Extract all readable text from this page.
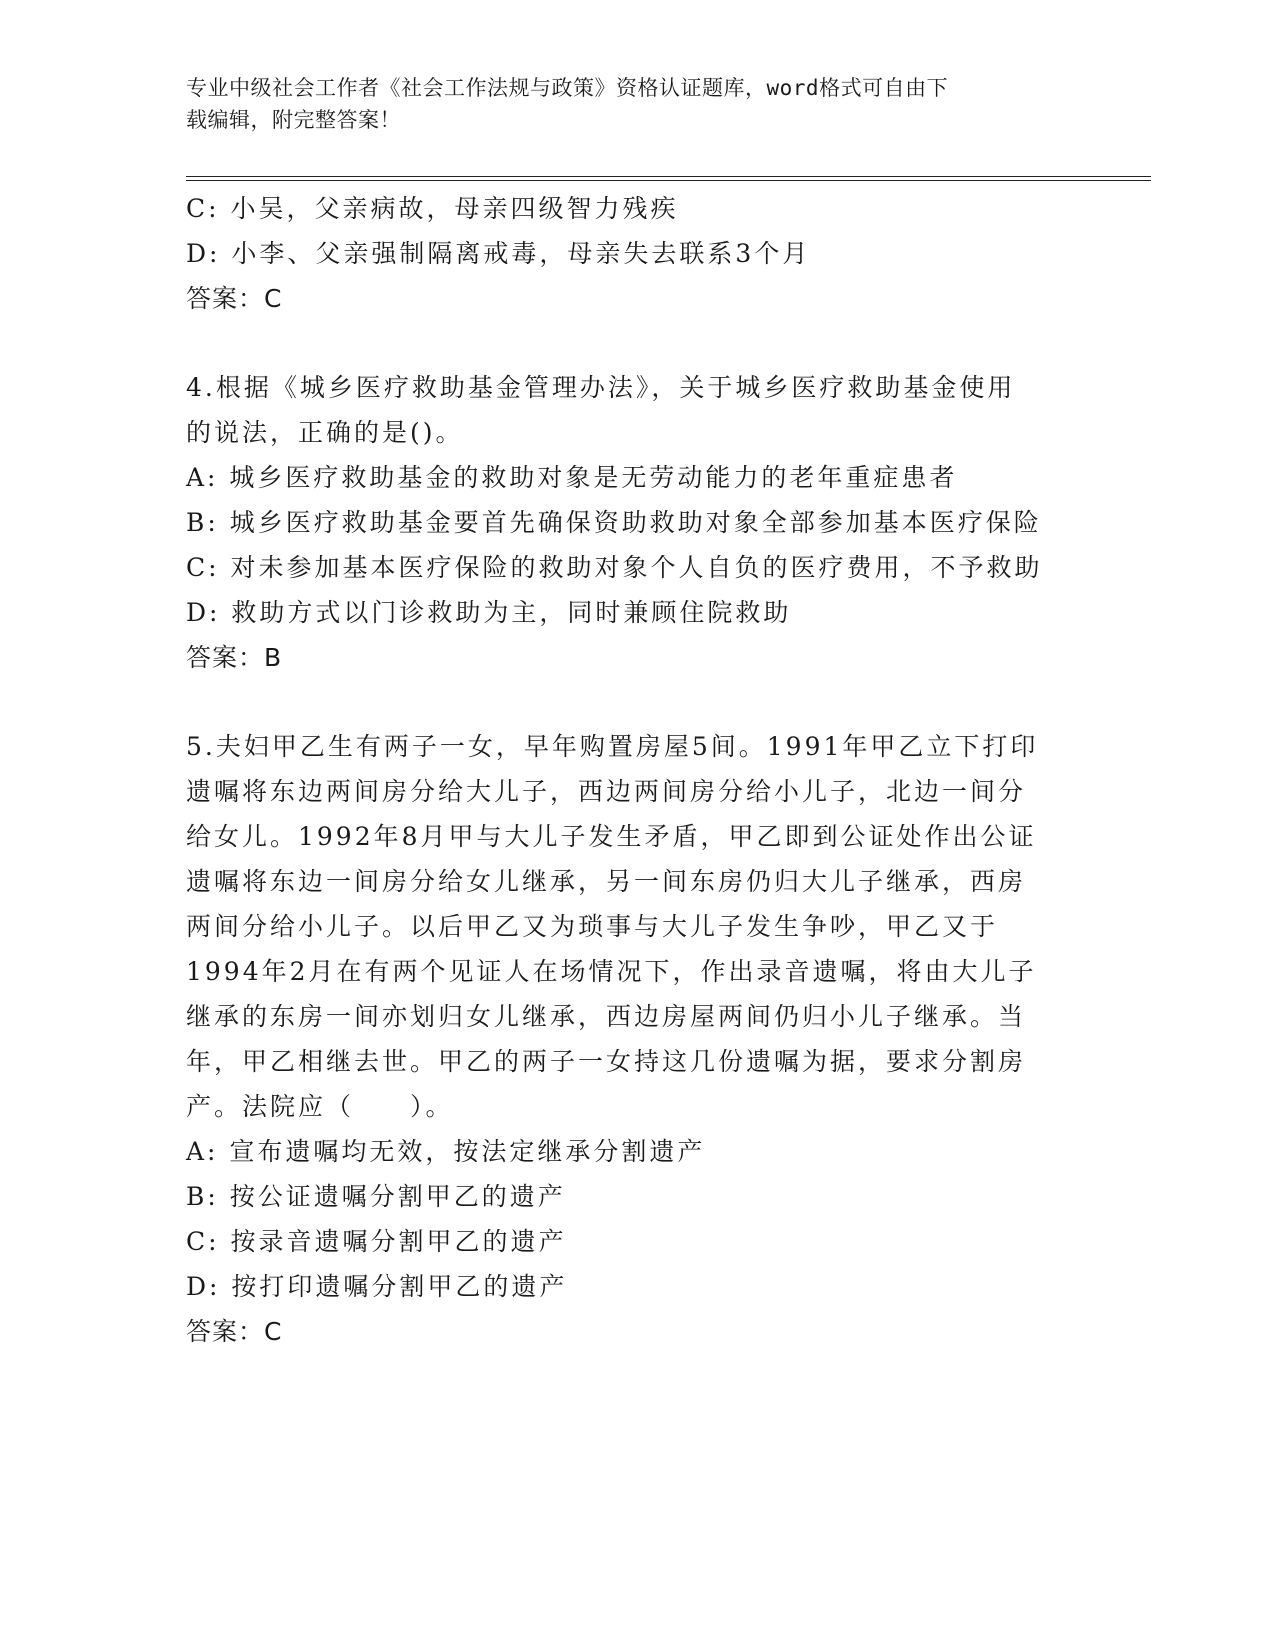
专业中级社会工作者《社会工作法规与政策》资格认证题库，word格式可自由下
载编辑，附完整答案！
C: 小吴，父亲病故，母亲四级智力残疾
D: 小李、父亲强制隔离戒毒，母亲失去联系3个月
答案：C
4.根据《城乡医疗救助基金管理办法》，关于城乡医疗救助基金使用
的说法，正确的是()。
A: 城乡医疗救助基金的救助对象是无劳动能力的老年重症患者
B: 城乡医疗救助基金要首先确保资助救助对象全部参加基本医疗保险
C: 对未参加基本医疗保险的救助对象个人自负的医疗费用，不予救助
D: 救助方式以门诊救助为主，同时兼顾住院救助
答案：B
5.夫妇甲乙生有两子一女，早年购置房屋5间。1991年甲乙立下打印
遗嘱将东边两间房分给大儿子，西边两间房分给小儿子，北边一间分
给女儿。1992年8月甲与大儿子发生矛盾，甲乙即到公证处作出公证
遗嘱将东边一间房分给女儿继承，另一间东房仍归大儿子继承，西房
两间分给小儿子。以后甲乙又为琐事与大儿子发生争吵，甲乙又于
1994年2月在有两个见证人在场情况下，作出录音遗嘱，将由大儿子
继承的东房一间亦划归女儿继承，西边房屋两间仍归小儿子继承。当
年，甲乙相继去世。甲乙的两子一女持这几份遗嘱为据，要求分割房
产。法院应（　　）。
A: 宣布遗嘱均无效，按法定继承分割遗产
B: 按公证遗嘱分割甲乙的遗产
C: 按录音遗嘱分割甲乙的遗产
D: 按打印遗嘱分割甲乙的遗产
答案：C
